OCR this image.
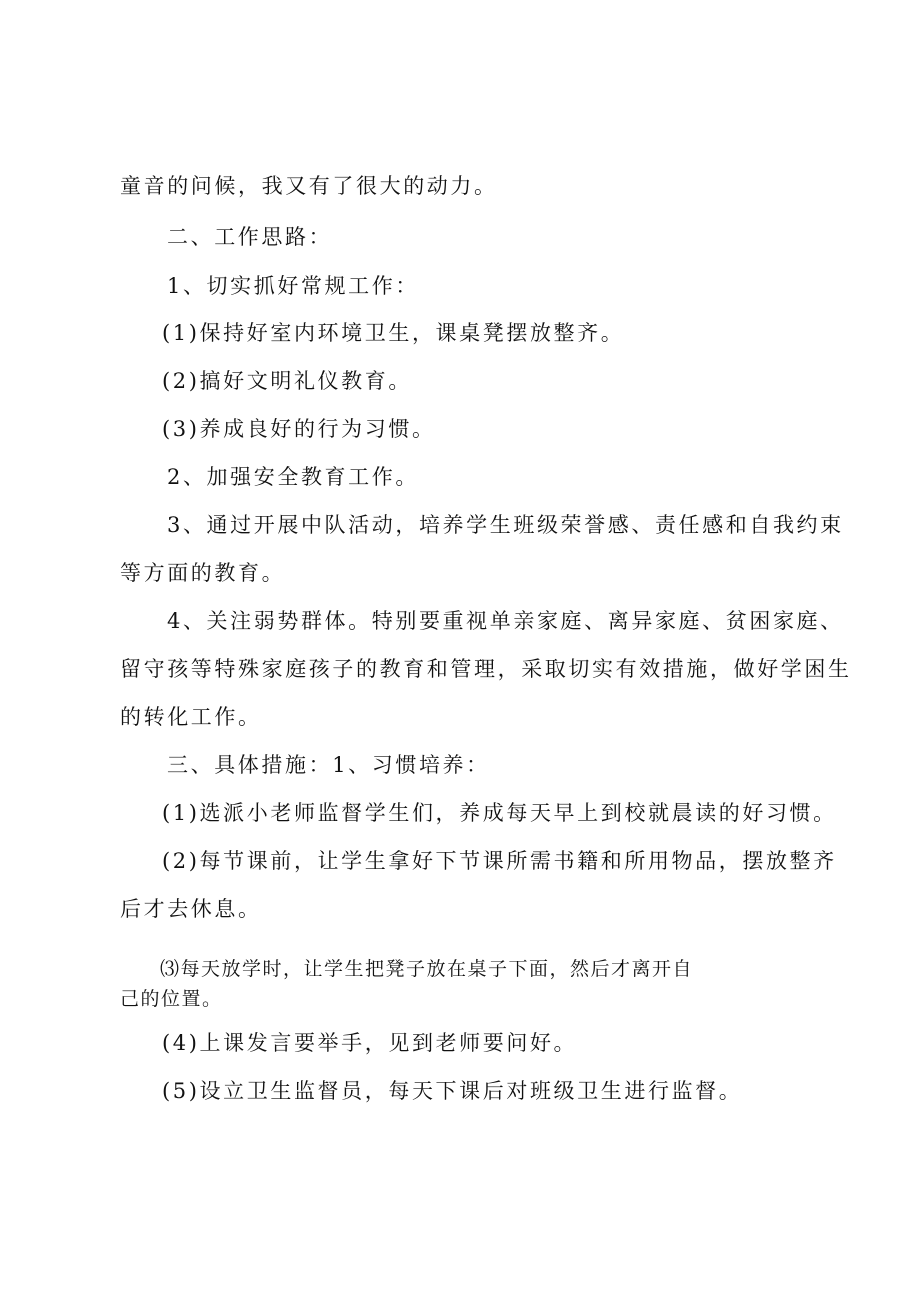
童音的问候，我又有了很大的动力。
二、工作思路：
1、切实抓好常规工作：
(1)保持好室内环境卫生，课桌凳摆放整齐。
(2)搞好文明礼仪教育。
(3)养成良好的行为习惯。
2、加强安全教育工作。
3、通过开展中队活动，培养学生班级荣誉感、责任感和自我约束
等方面的教育。
4、关注弱势群体。特别要重视单亲家庭、离异家庭、贫困家庭、
留守孩等特殊家庭孩子的教育和管理，采取切实有效措施，做好学困生
的转化工作。
三、具体措施：1、习惯培养：
(1)选派小老师监督学生们，养成每天早上到校就晨读的好习惯。
(2)每节课前，让学生拿好下节课所需书籍和所用物品，摆放整齐
后才去休息。
⑶每天放学时，让学生把凳子放在桌子下面，然后才离开自
己的位置。
(4)上课发言要举手，见到老师要问好。
(5)设立卫生监督员，每天下课后对班级卫生进行监督。
